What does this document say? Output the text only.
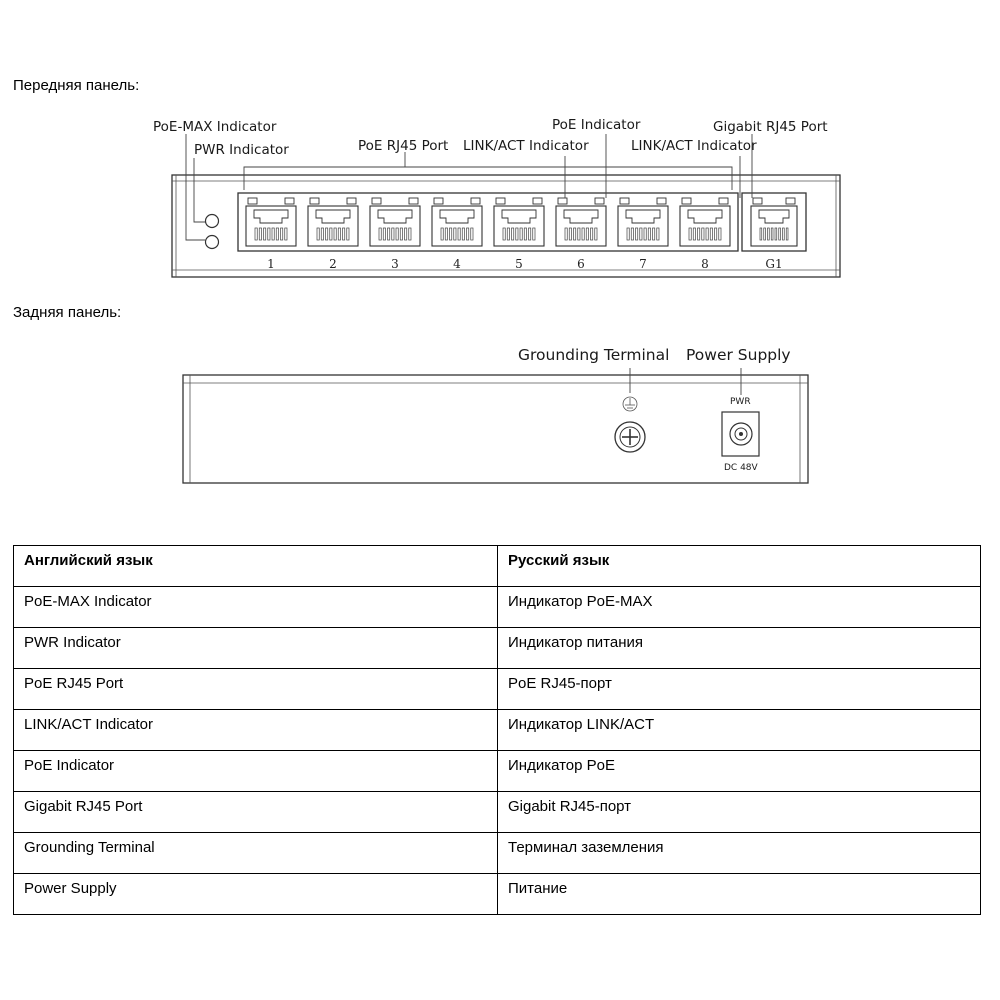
Передняя панель:
Задняя панель:
1	2	3	4	5	6	7	8	G1
PoE-MAX Indicator
PWR Indicator	PoE RJ45 Port LINK/ACT Indicator
PoE Indicator
LINK/ACT Indicator
Gigabit RJ45 Port
PWR
DC 48V
Grounding Terminal Power Supply
Английский язык	Русский язык
PoE-MAX Indicator	Индикатор PoE-MAX
PWR Indicator	Индикатор питания
PoE RJ45 Port	PoE RJ45-порт
LINK/ACT Indicator	Индикатор LINK/ACT
PoE Indicator	Индикатор PoE
Gigabit RJ45 Port	Gigabit RJ45-порт
Grounding Terminal	Терминал заземления
Power Supply	Питание
